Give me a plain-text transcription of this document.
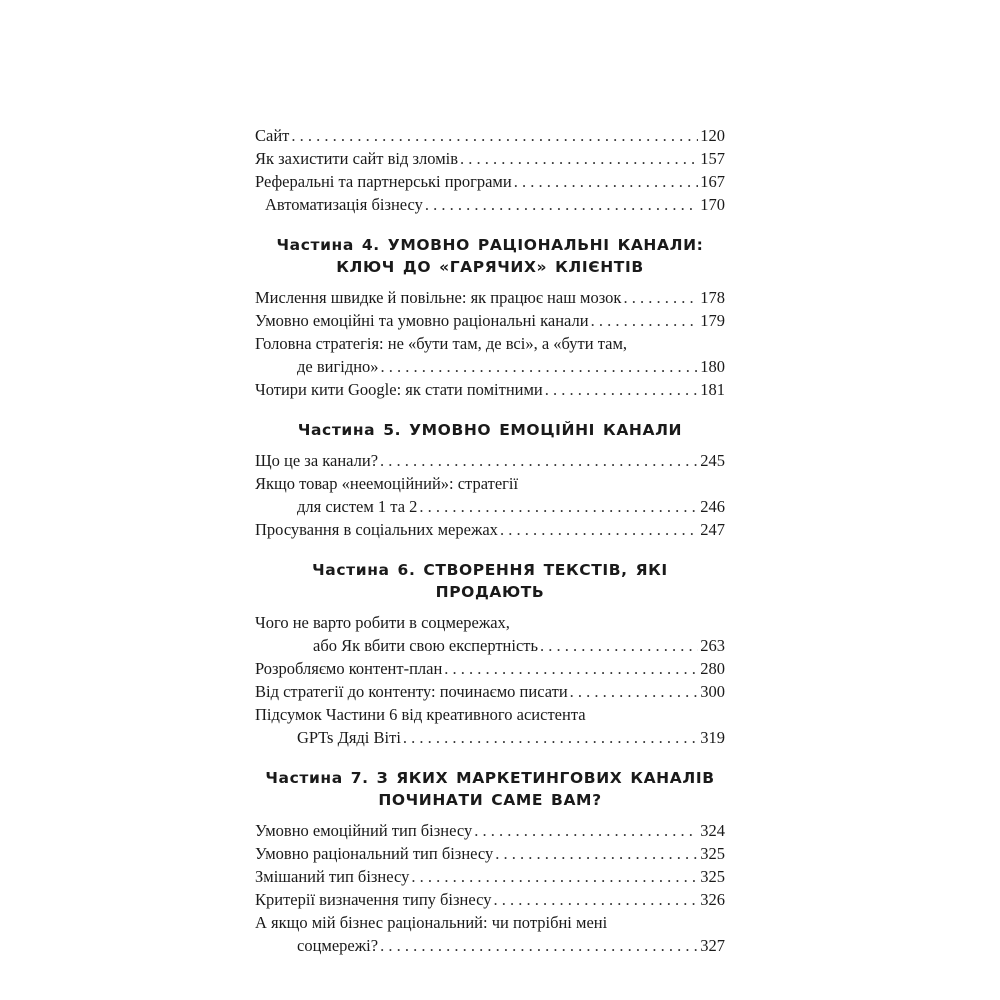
Сайт . . .	120
Як захистити сайт від зломів . . .	157
Реферальні та партнерські програми . . .	167
Автоматизація бізнесу . . .	170
Частина 4. УМОВНО РАЦІОНАЛЬНІ КАНАЛИ:
КЛЮЧ ДО «ГАРЯЧИХ» КЛІЄНТІВ
Мислення швидке й повільне: як працює наш мозок . . .	178
Умовно емоційні та умовно раціональні канали . . .	179
Головна стратегія: не «бути там, де всі», а «бути там,
де вигідно» . . .	180
Чотири кити Google: як стати помітними . . .	181
Частина 5. УМОВНО ЕМОЦІЙНІ КАНАЛИ
Що це за канали? . . .	245
Якщо товар «неемоційний»: стратегії
для систем 1 та 2 . . .	246
Просування в соціальних мережах . . .	247
Частина 6. СТВОРЕННЯ ТЕКСТІВ, ЯКІ ПРОДАЮТЬ
Чого не варто робити в соцмережах,
або Як вбити свою експертність . . .	263
Розробляємо контент-план . . .	280
Від стратегії до контенту: починаємо писати . . .	300
Підсумок Частини 6 від креативного асистента
GPTs Дяді Віті . . .	319
Частина 7. З ЯКИХ МАРКЕТИНГОВИХ КАНАЛІВ
ПОЧИНАТИ САМЕ ВАМ?
Умовно емоційний тип бізнесу . . .	324
Умовно раціональний тип бізнесу . . .	325
Змішаний тип бізнесу . . .	325
Критерії визначення типу бізнесу . . .	326
А якщо мій бізнес раціональний: чи потрібні мені
соцмережі? . . .	327
